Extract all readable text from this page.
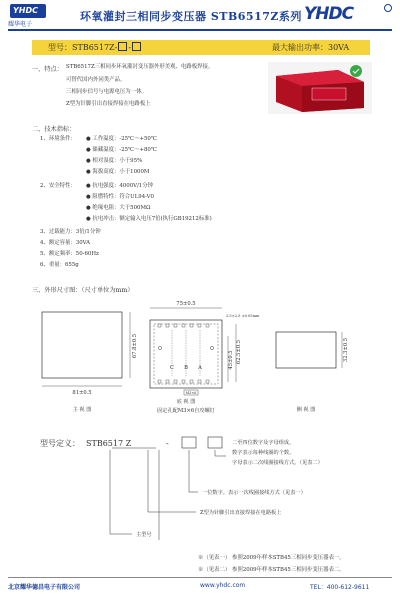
YHDC
耀华电子
环氧灌封三相同步变压器 STB6517Z系列 YHDC
型号：STB6517Z- -	最大输出功率：30VA
一、特点： STB6517Z三相同步环氧灌封变压器外形美观、电路板焊接。
可替代国内外同类产品。
三相同步信号与电源电压为一体。
Z型为针脚引出直接焊接在电路板上
二、技术指标：
1、环境条件： ● 工作温度：-25℃～+50℃
● 储藏温度：-25℃～+80℃
● 相对湿度：小于95%
● 海拔高度：小于1000M
2、安全特性： ● 抗电强度：4000V/1分钟
● 阻燃特性：符合UL94-V0
● 绝缘电阻：大于500MΩ
● 抗电冲击：额定输入电压7倍(执行GB19212标准)
3、过载能力：3倍/1分钟
4、额定容量：30VA
5、额定频率：50-60Hz
6、重量：655g
三、外形尺寸图：（尺寸单位为mm）
67.8±0.5
81±0.5
主 视 图
75±0.5
2.5×2.5 ±0.05mm
C B A	45±0.5 62.5±0.5
M3×6
底 视 图
固定孔配M3×6自攻螺钉
32.3±0.5
侧 视 图
型号定义： STB6517 Z	-	二至四位数字及字母组成。
数字表示每种线圈的个数。
字母表示二次线圈接线方式。（见表二）
一位数字。表示一次线圈接线方式（见表一）
Z型为针脚引出直接焊接在电路板上
主型号
※（见表一） 参照2009年样本STB45三相同步变压器表一。
※（见表二） 参照2009年样本STB45三相同步变压器表二。
北京耀华德昌电子有限公司	www.yhdc.com	TEL：400-612-9611
